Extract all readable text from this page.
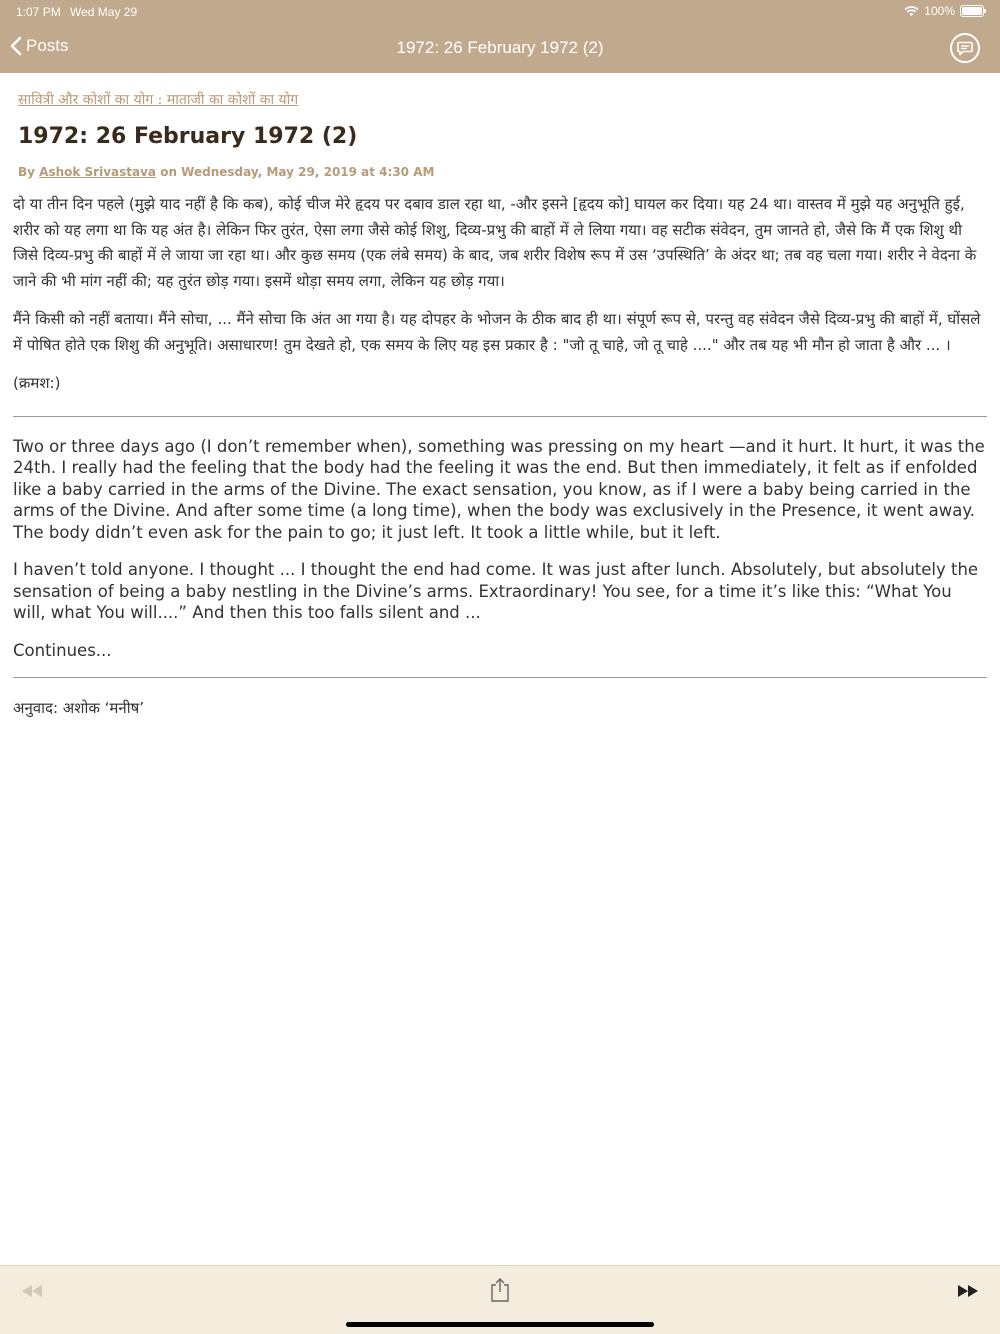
1:07 PM Wed May 29	100%
Posts	1972: 26 February 1972 (2)
सावित्री और कोशों का योग : माताजी का कोशों का योग
1972: 26 February 1972 (2)
By Ashok Srivastava on Wednesday, May 29, 2019 at 4:30 AM

दो या तीन दिन पहले (मुझे याद नहीं है कि कब), कोई चीज मेरे हृदय पर दबाव डाल रहा था, -और इसने [हृदय को] घायल कर दिया। यह 24 था। वास्तव में मुझे यह अनुभूति हुई, शरीर को यह लगा था कि यह अंत है। लेकिन फिर तुरंत, ऐसा लगा जैसे कोई शिशु, दिव्य-प्रभु की बाहों में ले लिया गया। वह सटीक संवेदन, तुम जानते हो, जैसे कि मैं एक शिशु थी जिसे दिव्य-प्रभु की बाहों में ले जाया जा रहा था। और कुछ समय (एक लंबे समय) के बाद, जब शरीर विशेष रूप में उस ‘उपस्थिति’ के अंदर था; तब वह चला गया। शरीर ने वेदना के जाने की भी मांग नहीं की; यह तुरंत छोड़ गया। इसमें थोड़ा समय लगा, लेकिन यह छोड़ गया।

मैंने किसी को नहीं बताया। मैंने सोचा, ... मैंने सोचा कि अंत आ गया है। यह दोपहर के भोजन के ठीक बाद ही था। संपूर्ण रूप से, परन्तु वह संवेदन जैसे दिव्य-प्रभु की बाहों में, घोंसले में पोषित होते एक शिशु की अनुभूति। असाधारण! तुम देखते हो, एक समय के लिए यह इस प्रकार है : "जो तू चाहे, जो तू चाहे ...." और तब यह भी मौन हो जाता है और ... ।

(क्रमश:)

Two or three days ago (I don’t remember when), something was pressing on my heart —and it hurt. It hurt, it was the 24th. I really had the feeling that the body had the feeling it was the end. But then immediately, it felt as if enfolded like a baby carried in the arms of the Divine. The exact sensation, you know, as if I were a baby being carried in the arms of the Divine. And after some time (a long time), when the body was exclusively in the Presence, it went away. The body didn’t even ask for the pain to go; it just left. It took a little while, but it left.

I haven’t told anyone. I thought ... I thought the end had come. It was just after lunch. Absolutely, but absolutely the sensation of being a baby nestling in the Divine’s arms. Extraordinary! You see, for a time it’s like this: “What You will, what You will....” And then this too falls silent and ...

Continues...

अनुवाद: अशोक ‘मनीष’
